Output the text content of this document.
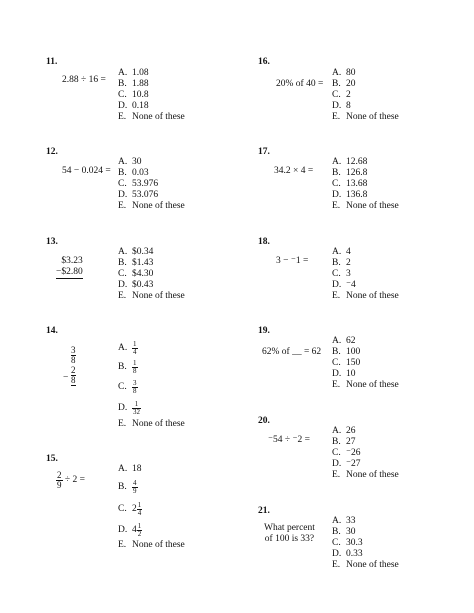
11.
2.88 ÷ 16 =
A. 1.08
B. 1.88
C. 10.8
D. 0.18
E. None of these
12.
54 − 0.024 =
A. 30
B. 0.03
C. 53.976
D. 53.076
E. None of these
13.
$3.23
−$2.80
A. $0.34
B. $1.43
C. $4.30
D. $0.43
E. None of these
14.
3
8
−
2
8
A. $\frac{1}{4}$
B. $\frac{1}{8}$
C. $\frac{3}{8}$
D. $\frac{1}{32}$
E. None of these
15.
$\frac{2}{9} \div 2$ =
A. 18
B. $\frac{4}{9}$
C. $2 \frac{1}{4}$
D. $4 \frac{1}{2}$
E. None of these
16.
20% of 40 =
A. 80
B. 20
C. 2
D. 8
E. None of these
17.
34.2 × 4 =
A. 12.68
B. 126.8
C. 13.68
D. 136.8
E. None of these
18.
3 − ⁻1 =
A. 4
B. 2
C. 3
D. ⁻4
E. None of these
19.
62% of __ = 62
A. 62
B. 100
C. 150
D. 10
E. None of these
20.
⁻54 ÷ ⁻2 =
A. 26
B. 27
C. ⁻26
D. ⁻27
E. None of these
21.
What percent
of 100 is 33?
A. 33
B. 30
C. 30.3
D. 0.33
E. None of these
